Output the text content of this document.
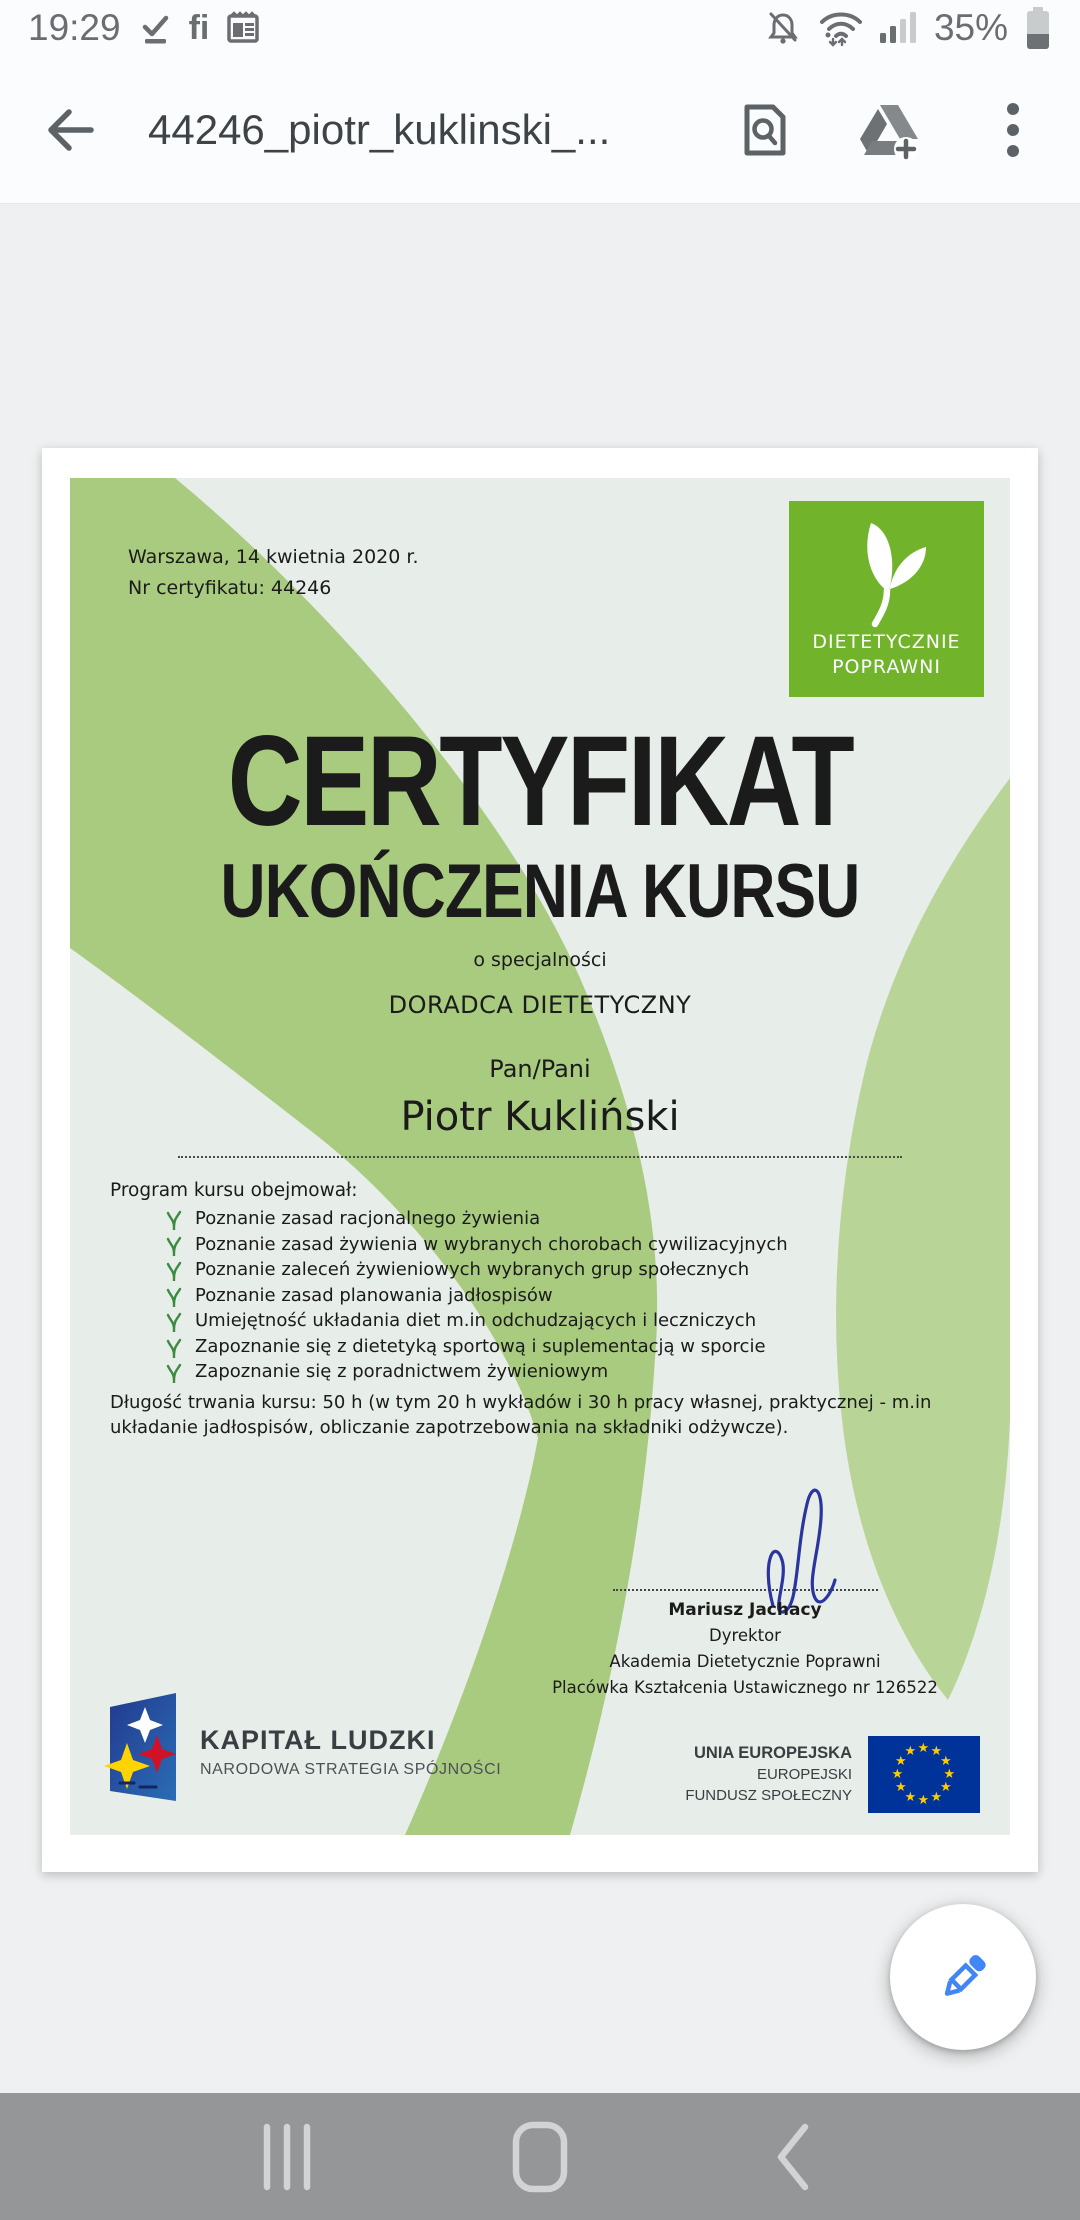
19:29 fi	35%
44246_piotr_kuklinski_...
Warszawa, 14 kwietnia 2020 r.
Nr certyfikatu: 44246
DIETETYCZNIE
POPRAWNI
CERTYFIKAT
UKOŃCZENIA KURSU
o specjalności
DORADCA DIETETYCZNY
Pan/Pani
Piotr Kukliński
Program kursu obejmował:
Poznanie zasad racjonalnego żywienia
Poznanie zasad żywienia w wybranych chorobach cywilizacyjnych
Poznanie zaleceń żywieniowych wybranych grup społecznych
Poznanie zasad planowania jadłospisów
Umiejętność układania diet m.in odchudzających i leczniczych
Zapoznanie się z dietetyką sportową i suplementacją w sporcie
Zapoznanie się z poradnictwem żywieniowym
Długość trwania kursu: 50 h (w tym 20 h wykładów i 30 h pracy własnej, praktycznej - m.in
układanie jadłospisów, obliczanie zapotrzebowania na składniki odżywcze).
Mariusz Jachacy
Dyrektor
Akademia Dietetycznie Poprawni
Placówka Kształcenia Ustawicznego nr 126522
KAPITAŁ LUDZKI
NARODOWA STRATEGIA SPÓJNOŚCI
UNIA EUROPEJSKA
EUROPEJSKI
FUNDUSZ SPOŁECZNY
★ ★
★
★
★
★
★
★
★
★
★
★
